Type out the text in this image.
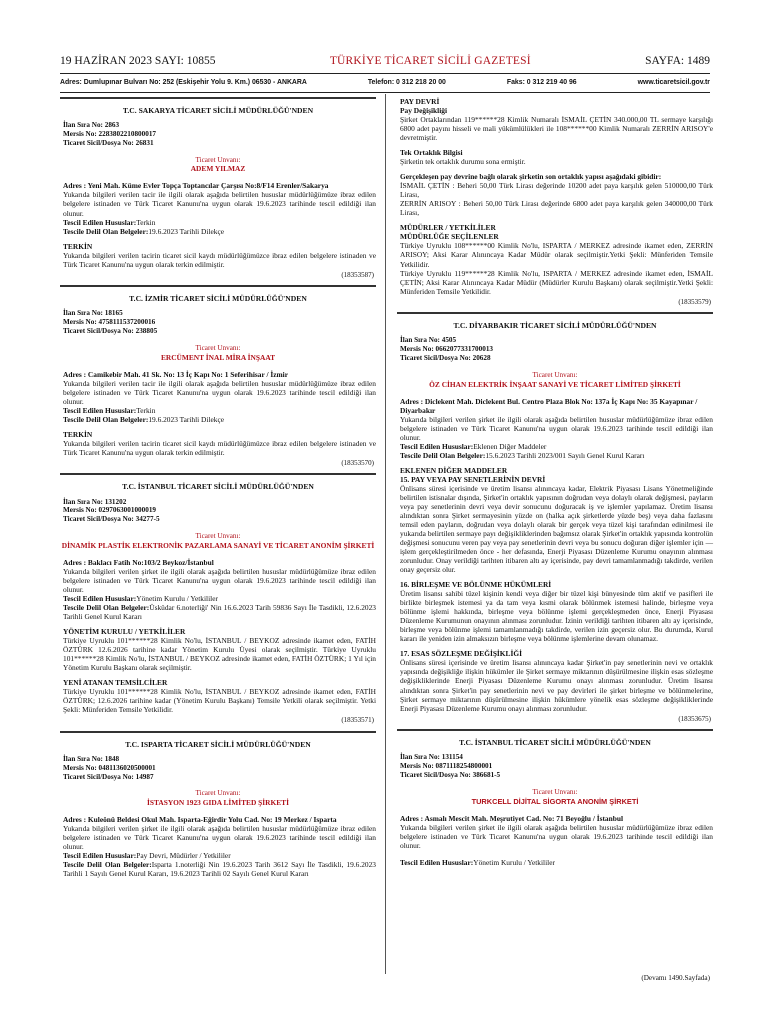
19 HAZİRAN 2023 SAYI: 10855	TÜRKİYE TİCARET SİCİLİ GAZETESİ	SAYFA: 1489
Adres: Dumlupınar Bulvarı No: 252 (Eskişehir Yolu 9. Km.) 06530 - ANKARA	Telefon: 0 312 218 20 00	Faks: 0 312 219 40 96	www.ticaretsicil.gov.tr
T.C. SAKARYA TİCARET SİCİLİ MÜDÜRLÜĞÜ'NDEN
İlan Sıra No: 2863
Mersis No: 2283802210800017
Ticaret Sicil/Dosya No: 26831
Ticaret Unvanı:
ADEM YILMAZ
Adres : Yeni Mah. Küme Evler Topça Toptancılar Çarşısı No:8/F14 Erenler/Sakarya
Yukarıda bilgileri verilen tacir ile ilgili olarak aşağıda belirtilen hususlar müdürlüğümüze ibraz edilen belgelere istinaden ve Türk Ticaret Kanunu'na uygun olarak 19.6.2023 tarihinde tescil edildiği ilan olunur.
Tescil Edilen Hususlar:Terkin
Tescile Delil Olan Belgeler:19.6.2023 Tarihli Dilekçe
TERKİN
Yukarıda bilgileri verilen tacirin ticaret sicil kaydı müdürlüğümüzce ibraz edilen belgelere istinaden ve Türk Ticaret Kanunu'na uygun olarak terkin edilmiştir.
(18353587)
T.C. İZMİR TİCARET SİCİLİ MÜDÜRLÜĞÜ'NDEN
İlan Sıra No: 18165
Mersis No: 4758111537200016
Ticaret Sicil/Dosya No: 238805
Ticaret Unvanı:
ERCÜMENT İNAL MİRA İNŞAAT
Adres : Camikebir Mah. 41 Sk. No: 13 İç Kapı No: 1 Seferihisar / İzmir
Yukarıda bilgileri verilen tacir ile ilgili olarak aşağıda belirtilen hususlar müdürlüğümüze ibraz edilen belgelere istinaden ve Türk Ticaret Kanunu'na uygun olarak 19.6.2023 tarihinde tescil edildiği ilan olunur.
Tescil Edilen Hususlar:Terkin
Tescile Delil Olan Belgeler:19.6.2023 Tarihli Dilekçe
TERKİN
Yukarıda bilgileri verilen tacirin ticaret sicil kaydı müdürlüğümüzce ibraz edilen belgelere istinaden ve Türk Ticaret Kanunu'na uygun olarak terkin edilmiştir.
(18353570)
T.C. İSTANBUL TİCARET SİCİLİ MÜDÜRLÜĞÜ'NDEN
İlan Sıra No: 131202
Mersis No: 0297063001000019
Ticaret Sicil/Dosya No: 34277-5
Ticaret Unvanı:
DİNAMİK PLASTİK ELEKTRONİK PAZARLAMA SANAYİ VE TİCARET ANONİM ŞİRKETİ
Adres : Baklacı Fatih No:103/2 Beykoz/İstanbul
Yukarıda bilgileri verilen şirket ile ilgili olarak aşağıda belirtilen hususlar müdürlüğümüze ibraz edilen belgelere istinaden ve Türk Ticaret Kanunu'na uygun olarak 19.6.2023 tarihinde tescil edildiği ilan olunur.
Tescil Edilen Hususlar:Yönetim Kurulu / Yetkililer
Tescile Delil Olan Belgeler:Üsküdar 6.noterliği' Nin 16.6.2023 Tarih 59836 Sayı İle Tasdikli, 12.6.2023 Tarihli Genel Kurul Kararı
YÖNETİM KURULU / YETKİLİLER
Türkiye Uyruklu 101******28 Kimlik No'lu, İSTANBUL / BEYKOZ adresinde ikamet eden, FATİH ÖZTÜRK 12.6.2026 tarihine kadar Yönetim Kurulu Üyesi olarak seçilmiştir. Türkiye Uyruklu 101******28 Kimlik No'lu, İSTANBUL / BEYKOZ adresinde ikamet eden, FATİH ÖZTÜRK; 1 Yıl için Yönetim Kurulu Başkanı olarak seçilmiştir.
YENİ ATANAN TEMSİLCİLER
Türkiye Uyruklu 101******28 Kimlik No'lu, İSTANBUL / BEYKOZ adresinde ikamet eden, FATİH ÖZTÜRK; 12.6.2026 tarihine kadar (Yönetim Kurulu Başkanı) Temsile Yetkili olarak seçilmiştir. Yetki Şekli: Münferiden Temsile Yetkilidir.
(18353571)
T.C. ISPARTA TİCARET SİCİLİ MÜDÜRLÜĞÜ'NDEN
İlan Sıra No: 1848
Mersis No: 0481136020500001
Ticaret Sicil/Dosya No: 14987
Ticaret Unvanı:
İSTASYON 1923 GIDA LİMİTED ŞİRKETİ
Adres : Kuleönü Beldesi Okul Mah. Isparta-Eğirdir Yolu Cad. No: 19 Merkez / Isparta
Yukarıda bilgileri verilen şirket ile ilgili olarak aşağıda belirtilen hususlar müdürlüğümüze ibraz edilen belgelere istinaden ve Türk Ticaret Kanunu'na uygun olarak 19.6.2023 tarihinde tescil edildiği ilan olunur.
Tescil Edilen Hususlar:Pay Devri, Müdürler / Yetkililer
Tescile Delil Olan Belgeler:Isparta 1.noterliği Nin 19.6.2023 Tarih 3612 Sayı İle Tasdikli, 19.6.2023 Tarihli 1 Sayılı Genel Kurul Kararı, 19.6.2023 Tarihli 02 Sayılı Genel Kurul Kararı
PAY DEVRİ
Pay Değişikliği
Şirket Ortaklarından 119******28 Kimlik Numaralı İSMAİL ÇETİN 340.000,00 TL sermaye karşılığı 6800 adet payını hisseli ve mali yükümlülükleri ile 108******00 Kimlik Numaralı ZERRİN ARISOY'e devretmiştir.
Tek Ortaklık Bilgisi
Şirketin tek ortaklık durumu sona ermiştir.
Gerçekleşen pay devrine bağlı olarak şirketin son ortaklık yapısı aşağıdaki gibidir:
İSMAİL ÇETİN : Beheri 50,00 Türk Lirası değerinde 10200 adet paya karşılık gelen 510000,00 Türk Lirası,
ZERRİN ARISOY : Beheri 50,00 Türk Lirası değerinde 6800 adet paya karşılık gelen 340000,00 Türk Lirası,
MÜDÜRLER / YETKİLİLER
MÜDÜRLÜĞE SEÇİLENLER
Türkiye Uyruklu 108******00 Kimlik No'lu, ISPARTA / MERKEZ adresinde ikamet eden, ZERRİN ARISOY; Aksi Karar Alınıncaya Kadar Müdür olarak seçilmiştir.Yetki Şekli: Münferiden Temsile Yetkilidir.
Türkiye Uyruklu 119******28 Kimlik No'lu, ISPARTA / MERKEZ adresinde ikamet eden, İSMAİL ÇETİN; Aksi Karar Alınıncaya Kadar Müdür (Müdürler Kurulu Başkanı) olarak seçilmiştir.Yetki Şekli: Münferiden Temsile Yetkilidir.
(18353579)
T.C. DİYARBAKIR TİCARET SİCİLİ MÜDÜRLÜĞÜ'NDEN
İlan Sıra No: 4505
Mersis No: 0662077331700013
Ticaret Sicil/Dosya No: 20628
Ticaret Unvanı:
ÖZ CİHAN ELEKTRİK İNŞAAT SANAYİ VE TİCARET LİMİTED ŞİRKETİ
Adres : Dicle​kent Mah. Diclekent Bul. Centro Plaza Blok No: 137a İç Kapı No: 35 Kayapınar / Diyarbakır
Yukarıda bilgileri verilen şirket ile ilgili olarak aşağıda belirtilen hususlar müdürlüğümüze ibraz edilen belgelere istinaden ve Türk Ticaret Kanunu'na uygun olarak 19.6.2023 tarihinde tescil edildiği ilan olunur.
Tescil Edilen Hususlar:Eklenen Diğer Maddeler
Tescile Delil Olan Belgeler:15.6.2023 Tarihli 2023/001 Sayılı Genel Kurul Kararı
EKLENEN DİĞER MADDELER
15. PAY VEYA PAY SENETLERİNİN DEVRİ
Önlisans süresi içerisinde ve üretim lisansı alınıncaya kadar, Elektrik Piyasası Lisans Yönetmeliğinde belirtilen istisnalar dışında, Şirket'in ortaklık yapısının doğrudan veya dolaylı olarak değişmesi, payların veya pay senetlerinin devri veya devir sonucunu doğuracak iş ve işlemler yapılamaz. Üretim lisansı alındıktan sonra Şirket sermayesinin yüzde on (halka açık şirketlerde yüzde beş) veya daha fazlasını temsil eden payların, doğrudan veya dolaylı olarak bir gerçek veya tüzel kişi tarafından edinilmesi ile yukarıda belirtilen sermaye payı değişikliklerinden bağımsız olarak Şirket'in ortaklık yapısında kontrolün değişmesi sonucunu veren pay veya pay senetlerinin devri veya bu sonucu doğuran diğer işlemler için — işlem gerçekleştirilmeden önce - her defasında, Enerji Piyasası Düzenleme Kurumu onayının alınması zorunludur. Onay verildiği tarihten itibaren altı ay içerisinde, pay devri tamamlanmadığı takdirde, verilen onay geçersiz olur.
16. BİRLEŞME VE BÖLÜNME HÜKÜMLERİ
Üretim lisansı sahibi tüzel kişinin kendi veya diğer bir tüzel kişi bünyesinde tüm aktif ve pasifleri ile birlikte birleşmek istemesi ya da tam veya kısmi olarak bölünmek istemesi halinde, birleşme veya bölünme işlemi hakkında, birleşme veya bölünme işlemi gerçekleşmeden önce, Enerji Piyasası Düzenleme Kurumunun onayının alınması zorunludur. İzinin verildiği tarihten itibaren altı ay içerisinde, birleşme veya bölünme işlemi tamamlanmadığı takdirde, verilen izin geçersiz olur. Bu durumda, Kurul kararı ile yeniden izin almaksızın birleşme veya bölünme işlemlerine devam olunamaz.
17. ESAS SÖZLEŞME DEĞİŞİKLİĞİ
Önlisans süresi içerisinde ve üretim lisansı alınıncaya kadar Şirket'in pay senetlerinin nevi ve ortaklık yapısında değişikliğe ilişkin hükümler ile Şirket sermaye miktarının düşürülmesine ilişkin esas sözleşme değişikliklerinde Enerji Piyasası Düzenleme Kurumu onayı alınması zorunludur. Üretim lisansı alındıktan sonra Şirket'in pay senetlerinin nevi ve pay devirleri ile şirket birleşme ve bölünmelerine, Şirket sermaye miktarının düşürülmesine ilişkin hükümlere yönelik esas sözleşme değişikliklerinde Enerji Piyasası Düzenleme Kurumu onayı alınması zorunludur.
(18353675)
T.C. İSTANBUL TİCARET SİCİLİ MÜDÜRLÜĞÜ'NDEN
İlan Sıra No: 131154
Mersis No: 0871118254800001
Ticaret Sicil/Dosya No: 386681-5
Ticaret Unvanı:
TURKCELL DİJİTAL SİGORTA ANONİM ŞİRKETİ
Adres : Asmalı Mescit Mah. Meşrutiyet Cad. No: 71 Beyoğlu / İstanbul
Yukarıda bilgileri verilen şirket ile ilgili olarak aşağıda belirtilen hususlar müdürlüğümüze ibraz edilen belgelere istinaden ve Türk Ticaret Kanunu'na uygun olarak 19.6.2023 tarihinde tescil edildiği ilan olunur.
Tescil Edilen Hususlar:Yönetim Kurulu / Yetkililer
(Devamı 1490.Sayfada)
